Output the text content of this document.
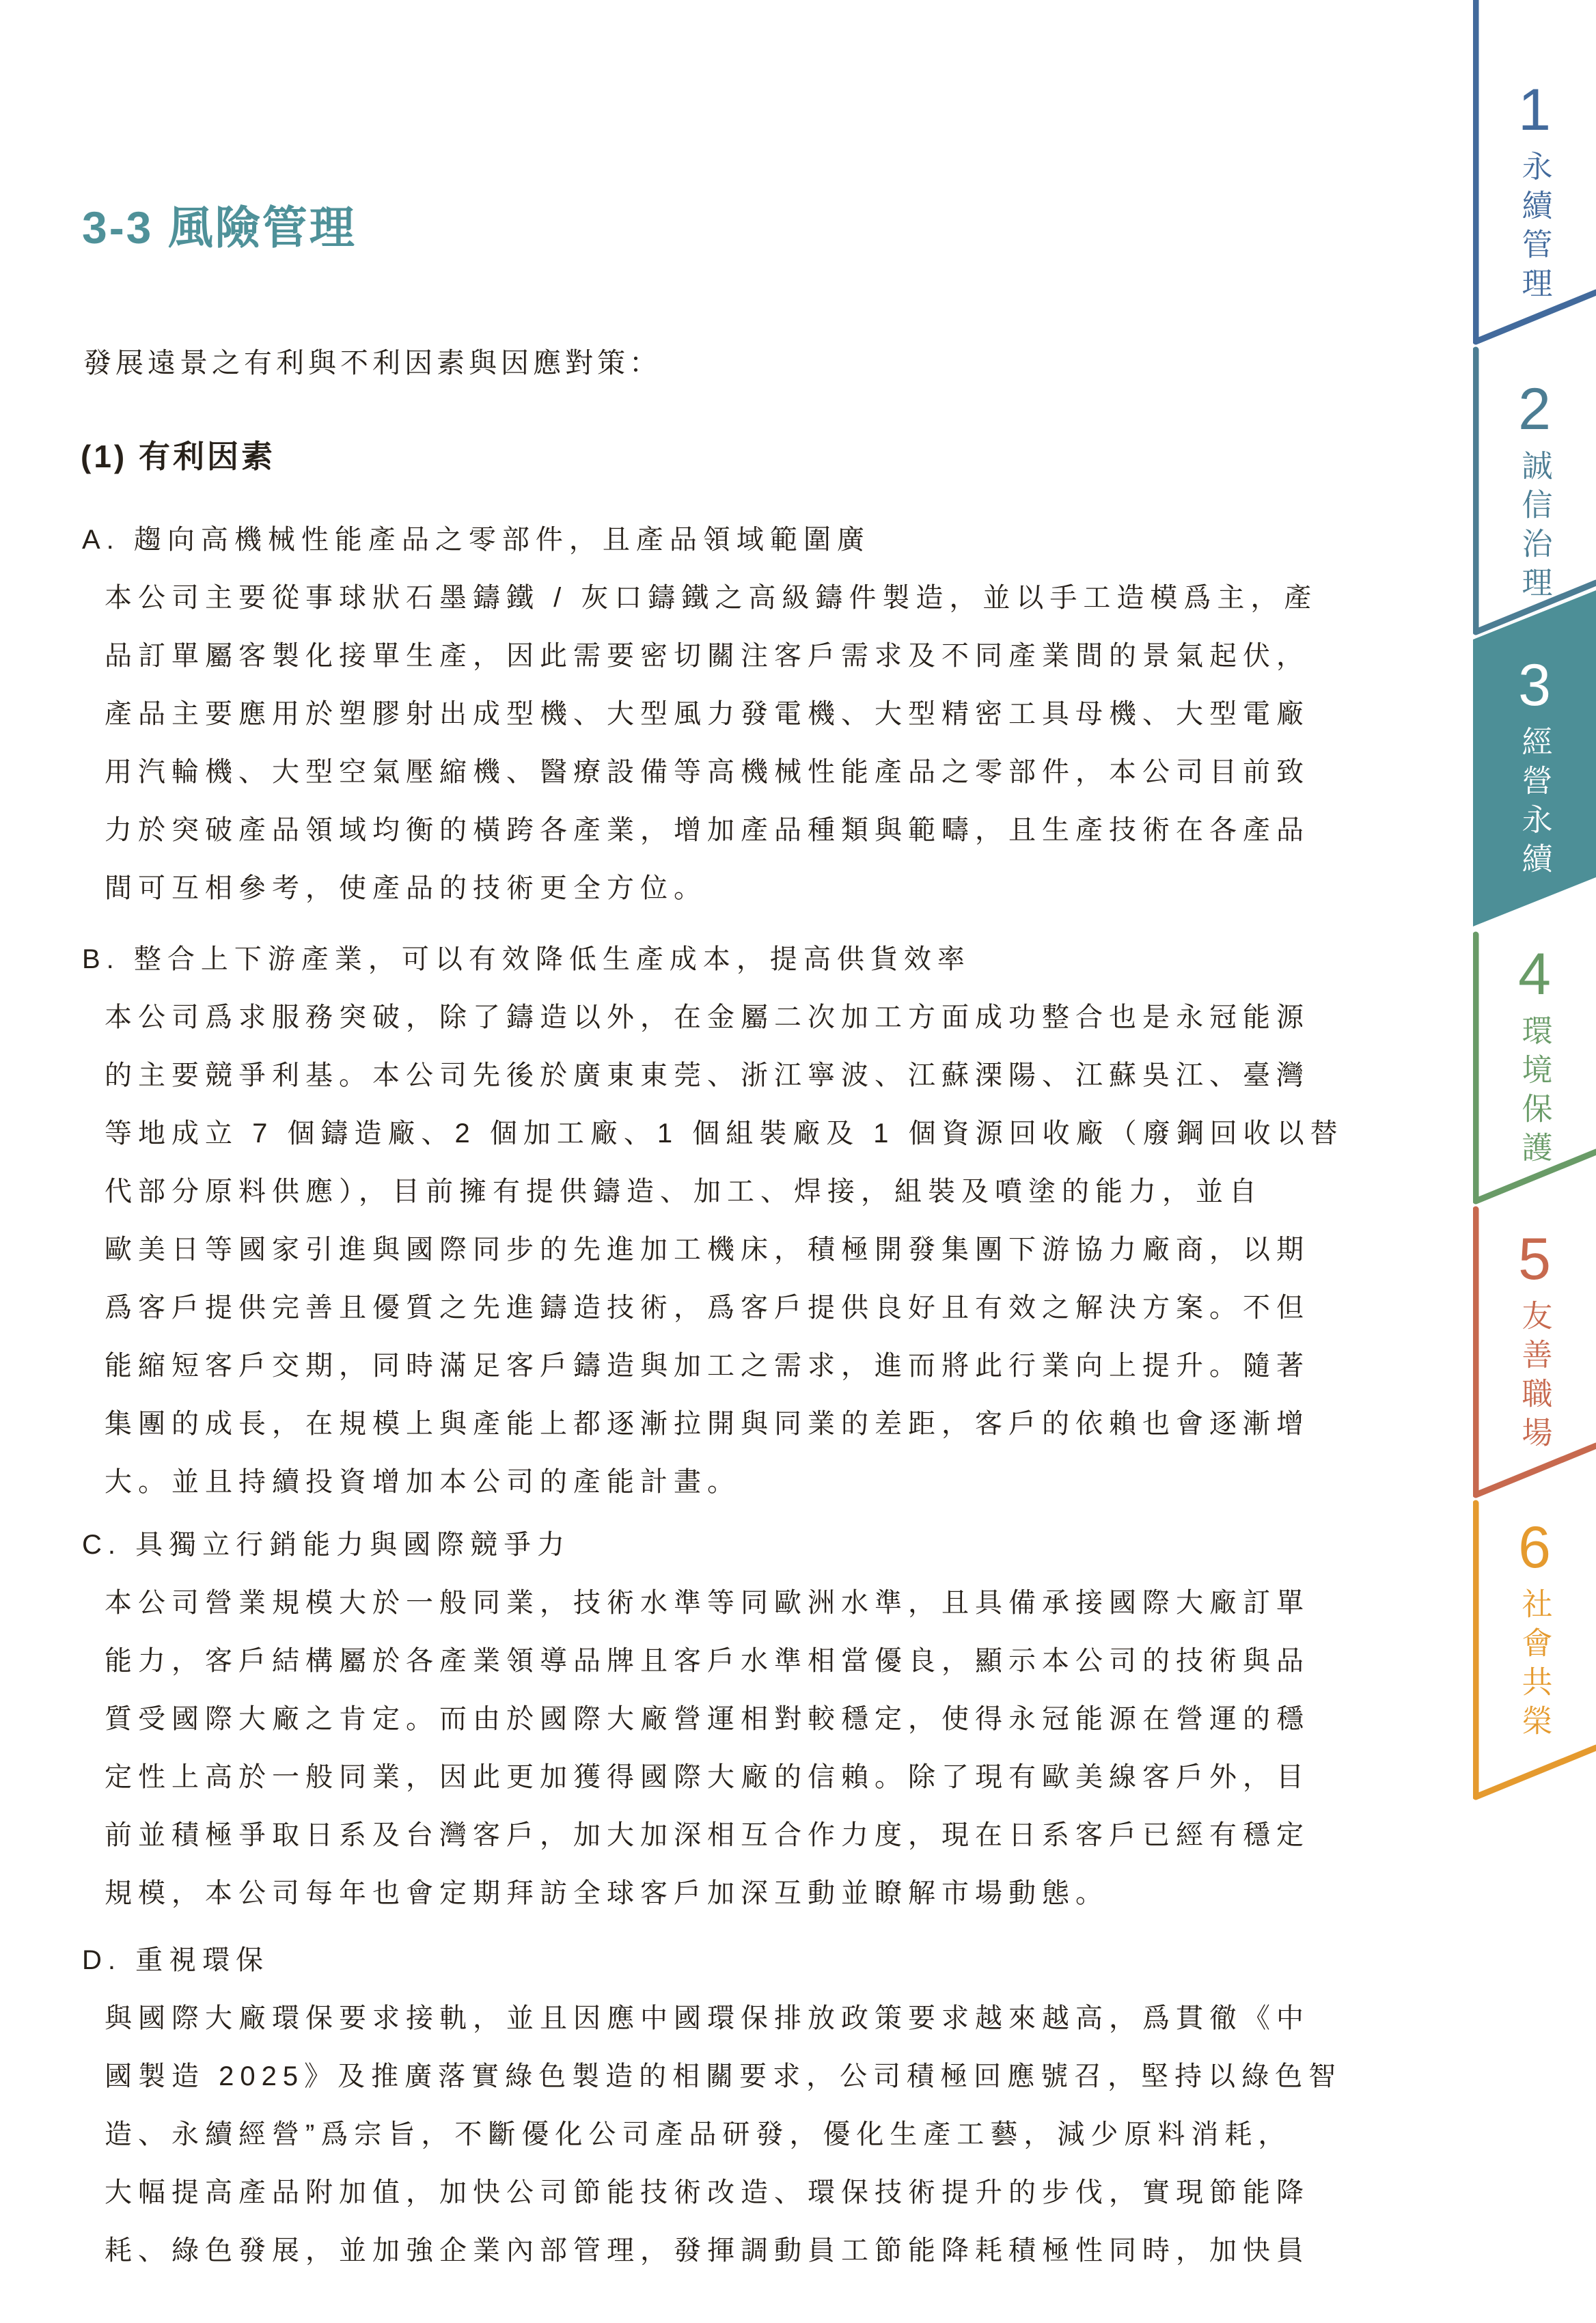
3-3 風險管理
發展遠景之有利與不利因素與因應對策：
(1) 有利因素
A. 趨向高機械性能產品之零部件，且產品領域範圍廣
本公司主要從事球狀石墨鑄鐵 / 灰口鑄鐵之高級鑄件製造，並以手工造模爲主，產
品訂單屬客製化接單生產，因此需要密切關注客戶需求及不同產業間的景氣起伏，
產品主要應用於塑膠射出成型機、大型風力發電機、大型精密工具母機、大型電廠
用汽輪機、大型空氣壓縮機、醫療設備等高機械性能產品之零部件，本公司目前致
力於突破產品領域均衡的橫跨各產業，增加產品種類與範疇，且生產技術在各產品
間可互相參考，使產品的技術更全方位。
B. 整合上下游產業，可以有效降低生產成本，提高供貨效率
本公司爲求服務突破，除了鑄造以外，在金屬二次加工方面成功整合也是永冠能源
的主要競爭利基。本公司先後於廣東東莞、浙江寧波、江蘇溧陽、江蘇吳江、臺灣
等地成立 7 個鑄造廠、2 個加工廠、1 個組裝廠及 1 個資源回收廠（廢鋼回收以替
代部分原料供應），目前擁有提供鑄造、加工、焊接，組裝及噴塗的能力，並自
歐美日等國家引進與國際同步的先進加工機床，積極開發集團下游協力廠商，以期
爲客戶提供完善且優質之先進鑄造技術，爲客戶提供良好且有效之解決方案。不但
能縮短客戶交期，同時滿足客戶鑄造與加工之需求，進而將此行業向上提升。隨著
集團的成長，在規模上與產能上都逐漸拉開與同業的差距，客戶的依賴也會逐漸增
大。並且持續投資增加本公司的產能計畫。
C. 具獨立行銷能力與國際競爭力
本公司營業規模大於一般同業，技術水準等同歐洲水準，且具備承接國際大廠訂單
能力，客戶結構屬於各產業領導品牌且客戶水準相當優良，顯示本公司的技術與品
質受國際大廠之肯定。而由於國際大廠營運相對較穩定，使得永冠能源在營運的穩
定性上高於一般同業，因此更加獲得國際大廠的信賴。除了現有歐美線客戶外，目
前並積極爭取日系及台灣客戶，加大加深相互合作力度，現在日系客戶已經有穩定
規模，本公司每年也會定期拜訪全球客戶加深互動並瞭解市場動態。
D. 重視環保
與國際大廠環保要求接軌，並且因應中國環保排放政策要求越來越高，爲貫徹《中
國製造 2025》及推廣落實綠色製造的相關要求，公司積極回應號召，堅持以綠色智
造、永續經營”爲宗旨，不斷優化公司產品研發，優化生產工藝，減少原料消耗，
大幅提高產品附加值，加快公司節能技術改造、環保技術提升的步伐，實現節能降
耗、綠色發展，並加強企業內部管理，發揮調動員工節能降耗積極性同時，加快員
1
永續管理
2
誠信治理
3
經營永續
4
環境保護
5
友善職場
6
社會共榮
